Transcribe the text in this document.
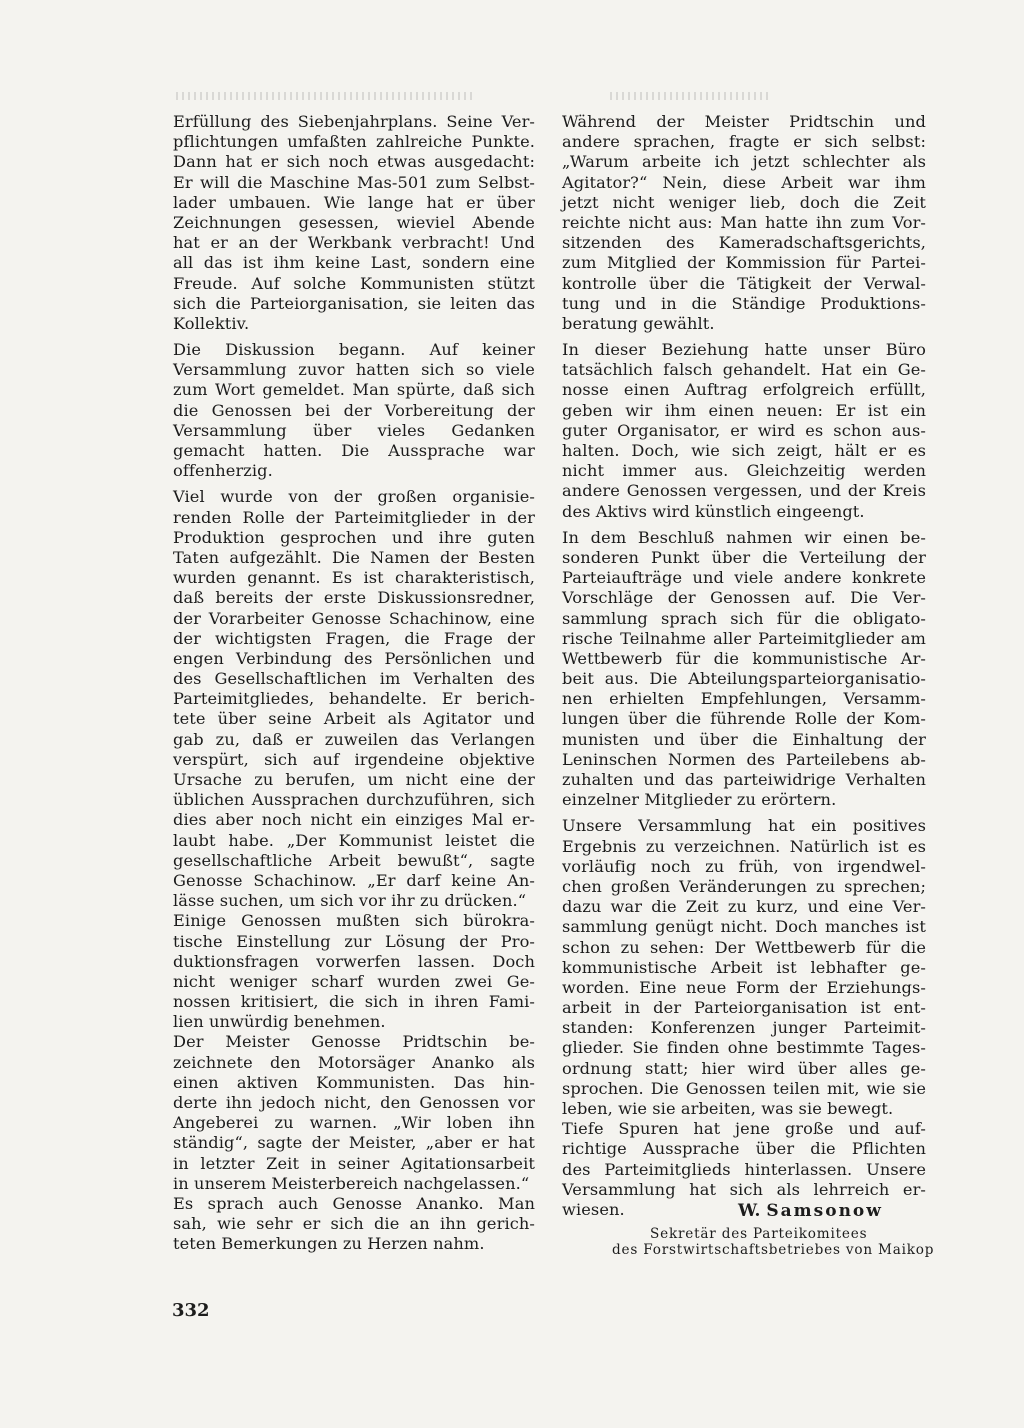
Erfüllung des Siebenjahrplans. Seine Ver-
pflichtungen umfaßten zahlreiche Punkte.
Dann hat er sich noch etwas ausgedacht:
Er will die Maschine Mas-501 zum Selbst-
lader umbauen. Wie lange hat er über
Zeichnungen gesessen, wieviel Abende
hat er an der Werkbank verbracht! Und
all das ist ihm keine Last, sondern eine
Freude. Auf solche Kommunisten stützt
sich die Parteiorganisation, sie leiten das
Kollektiv.
Die Diskussion begann. Auf keiner
Versammlung zuvor hatten sich so viele
zum Wort gemeldet. Man spürte, daß sich
die Genossen bei der Vorbereitung der
Versammlung über vieles Gedanken
gemacht hatten. Die Aussprache war
offenherzig.
Viel wurde von der großen organisie-
renden Rolle der Parteimitglieder in der
Produktion gesprochen und ihre guten
Taten aufgezählt. Die Namen der Besten
wurden genannt. Es ist charakteristisch,
daß bereits der erste Diskussionsredner,
der Vorarbeiter Genosse Schachinow, eine
der wichtigsten Fragen, die Frage der
engen Verbindung des Persönlichen und
des Gesellschaftlichen im Verhalten des
Parteimitgliedes, behandelte. Er berich-
tete über seine Arbeit als Agitator und
gab zu, daß er zuweilen das Verlangen
verspürt, sich auf irgendeine objektive
Ursache zu berufen, um nicht eine der
üblichen Aussprachen durchzuführen, sich
dies aber noch nicht ein einziges Mal er-
laubt habe. „Der Kommunist leistet die
gesellschaftliche Arbeit bewußt“, sagte
Genosse Schachinow. „Er darf keine An-
lässe suchen, um sich vor ihr zu drücken.“
Einige Genossen mußten sich bürokra-
tische Einstellung zur Lösung der Pro-
duktionsfragen vorwerfen lassen. Doch
nicht weniger scharf wurden zwei Ge-
nossen kritisiert, die sich in ihren Fami-
lien unwürdig benehmen.
Der Meister Genosse Pridtschin be-
zeichnete den Motorsäger Ananko als
einen aktiven Kommunisten. Das hin-
derte ihn jedoch nicht, den Genossen vor
Angeberei zu warnen. „Wir loben ihn
ständig“, sagte der Meister, „aber er hat
in letzter Zeit in seiner Agitationsarbeit
in unserem Meisterbereich nachgelassen.“
Es sprach auch Genosse Ananko. Man
sah, wie sehr er sich die an ihn gerich-
teten Bemerkungen zu Herzen nahm.
Während der Meister Pridtschin und
andere sprachen, fragte er sich selbst:
„Warum arbeite ich jetzt schlechter als
Agitator?“ Nein, diese Arbeit war ihm
jetzt nicht weniger lieb, doch die Zeit
reichte nicht aus: Man hatte ihn zum Vor-
sitzenden des Kameradschaftsgerichts,
zum Mitglied der Kommission für Partei-
kontrolle über die Tätigkeit der Verwal-
tung und in die Ständige Produktions-
beratung gewählt.
In dieser Beziehung hatte unser Büro
tatsächlich falsch gehandelt. Hat ein Ge-
nosse einen Auftrag erfolgreich erfüllt,
geben wir ihm einen neuen: Er ist ein
guter Organisator, er wird es schon aus-
halten. Doch, wie sich zeigt, hält er es
nicht immer aus. Gleichzeitig werden
andere Genossen vergessen, und der Kreis
des Aktivs wird künstlich eingeengt.
In dem Beschluß nahmen wir einen be-
sonderen Punkt über die Verteilung der
Parteiaufträge und viele andere konkrete
Vorschläge der Genossen auf. Die Ver-
sammlung sprach sich für die obligato-
rische Teilnahme aller Parteimitglieder am
Wettbewerb für die kommunistische Ar-
beit aus. Die Abteilungsparteiorganisatio-
nen erhielten Empfehlungen, Versamm-
lungen über die führende Rolle der Kom-
munisten und über die Einhaltung der
Leninschen Normen des Parteilebens ab-
zuhalten und das parteiwidrige Verhalten
einzelner Mitglieder zu erörtern.
Unsere Versammlung hat ein positives
Ergebnis zu verzeichnen. Natürlich ist es
vorläufig noch zu früh, von irgendwel-
chen großen Veränderungen zu sprechen;
dazu war die Zeit zu kurz, und eine Ver-
sammlung genügt nicht. Doch manches ist
schon zu sehen: Der Wettbewerb für die
kommunistische Arbeit ist lebhafter ge-
worden. Eine neue Form der Erziehungs-
arbeit in der Parteiorganisation ist ent-
standen: Konferenzen junger Parteimit-
glieder. Sie finden ohne bestimmte Tages-
ordnung statt; hier wird über alles ge-
sprochen. Die Genossen teilen mit, wie sie
leben, wie sie arbeiten, was sie bewegt.
Tiefe Spuren hat jene große und auf-
richtige Aussprache über die Pflichten
des Parteimitglieds hinterlassen. Unsere
Versammlung hat sich als lehrreich er-
wiesen.	W. Samsonow
Sekretär des Parteikomitees
des Forstwirtschaftsbetriebes von Maikop
332
